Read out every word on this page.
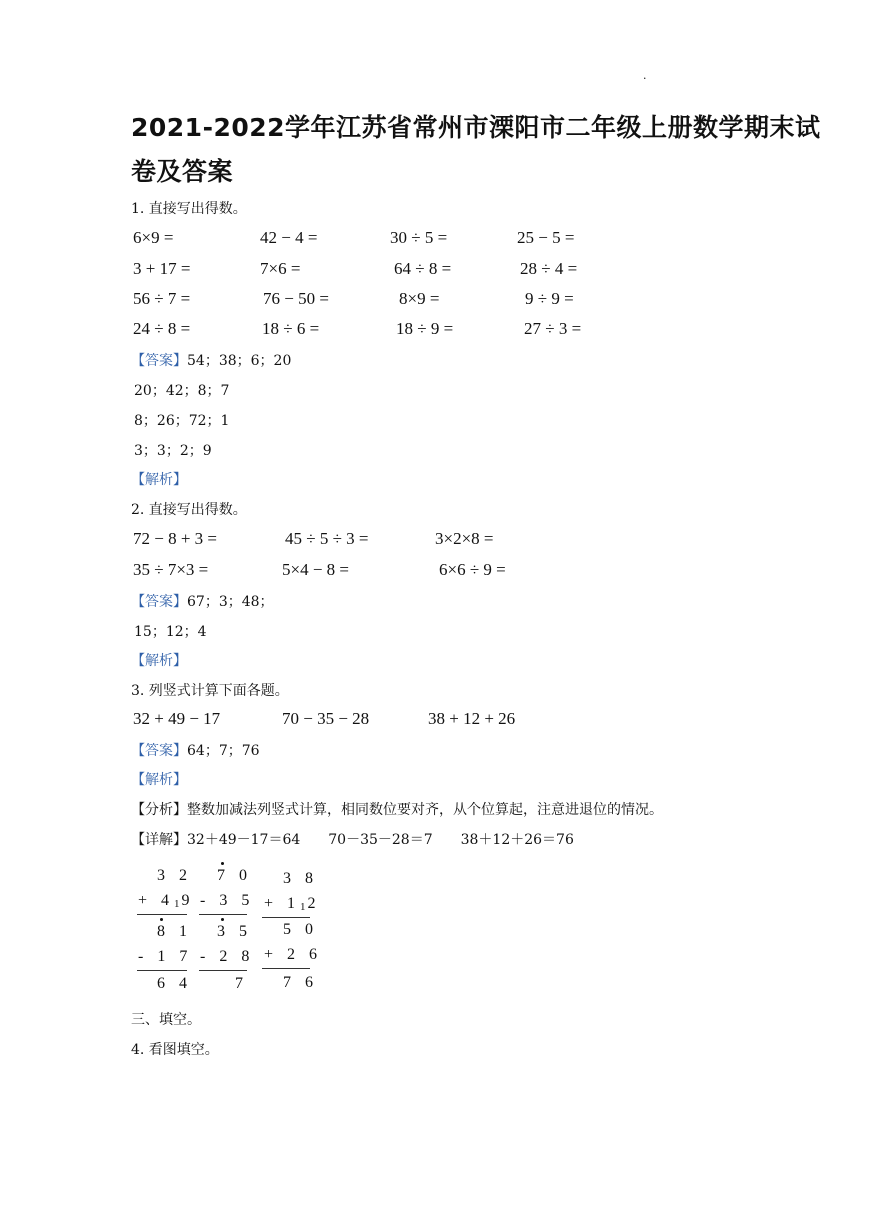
·
2021-2022学年江苏省常州市溧阳市二年级上册数学期末试
卷及答案
1. 直接写出得数。
6×9 =	42 − 4 =	30 ÷ 5 =	25 − 5 =
3 + 17 =	7×6 =	64 ÷ 8 =	28 ÷ 4 =
56 ÷ 7 =	76 − 50 =	8×9 =	9 ÷ 9 =
24 ÷ 8 =	18 ÷ 6 =	18 ÷ 9 =	27 ÷ 3 =
【答案】54；38；6；20
20；42；8；7
8；26；72；1
3；3；2；9
【解析】
2. 直接写出得数。
72 − 8 + 3 =	45 ÷ 5 ÷ 3 =	3×2×8 =
35 ÷ 7×3 =	5×4 − 8 =	6×6 ÷ 9 =
【答案】67；3；48；
15；12；4
【解析】
3. 列竖式计算下面各题。
32 + 49 − 17	70 − 35 − 28	38 + 12 + 26
【答案】64；7；76
【解析】
【分析】整数加减法列竖式计算，相同数位要对齐，从个位算起，注意进退位的情况。
【详解】32＋49－17＝64　　70－35－28＝7　　38＋12＋26＝76
3 2
+ 41 9
8 1
- 1 7
6 4
7 0
- 3 5
3 5
- 2 8
7
3 8
+ 11 2
5 0
+ 2 6
7 6
三、填空。
4. 看图填空。
